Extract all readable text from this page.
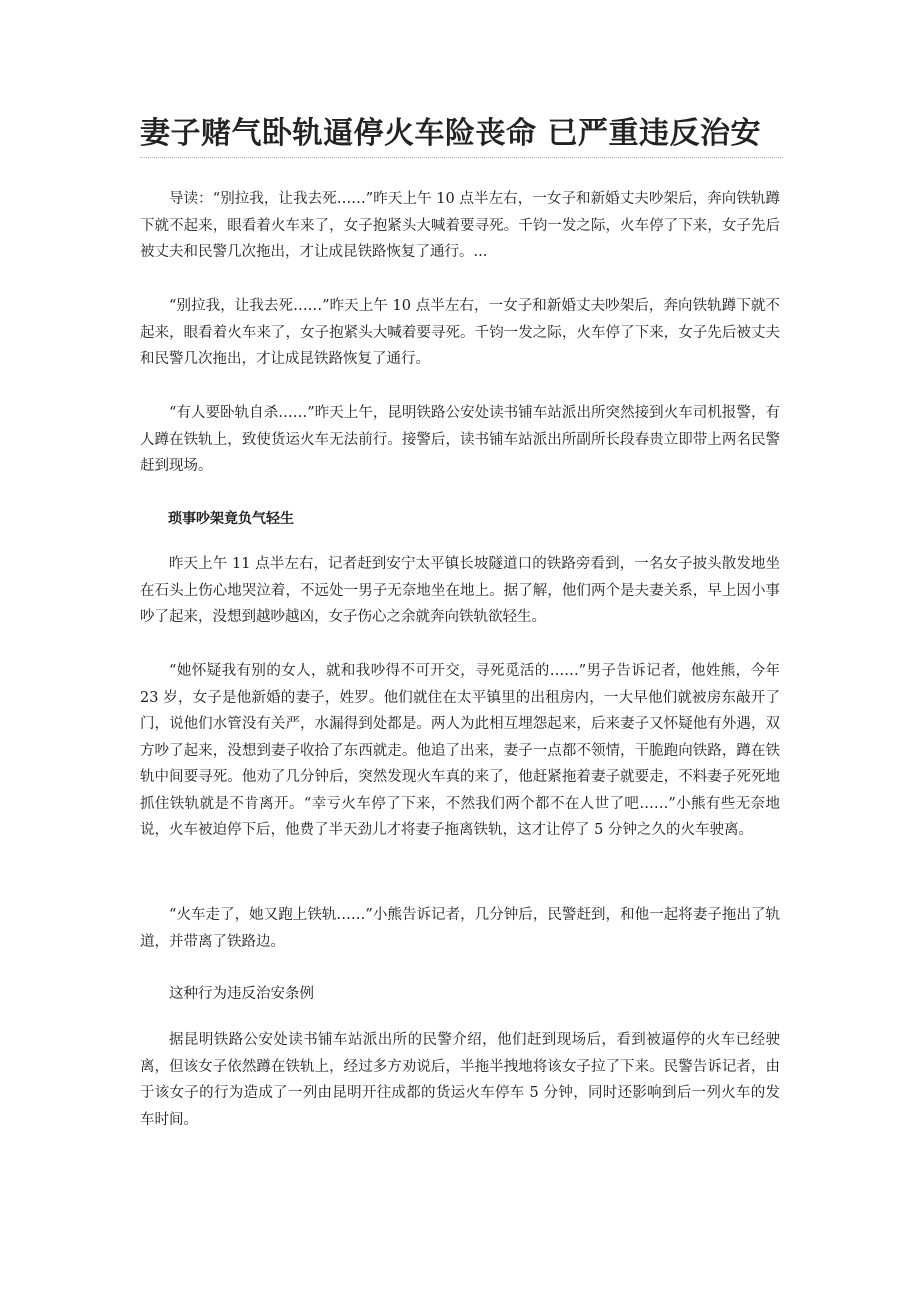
妻子赌气卧轨逼停火车险丧命 已严重违反治安

导读：“别拉我，让我去死……”昨天上午 10 点半左右，一女子和新婚丈夫吵架后，奔向铁轨蹲下就不起来，眼看着火车来了，女子抱紧头大喊着要寻死。千钧一发之际，火车停了下来，女子先后被丈夫和民警几次拖出，才让成昆铁路恢复了通行。...

“别拉我，让我去死……”昨天上午 10 点半左右，一女子和新婚丈夫吵架后，奔向铁轨蹲下就不起来，眼看着火车来了，女子抱紧头大喊着要寻死。千钧一发之际，火车停了下来，女子先后被丈夫和民警几次拖出，才让成昆铁路恢复了通行。

“有人要卧轨自杀……”昨天上午，昆明铁路公安处读书铺车站派出所突然接到火车司机报警，有人蹲在铁轨上，致使货运火车无法前行。接警后，读书铺车站派出所副所长段春贵立即带上两名民警赶到现场。

琐事吵架竟负气轻生

昨天上午 11 点半左右，记者赶到安宁太平镇长坡隧道口的铁路旁看到，一名女子披头散发地坐在石头上伤心地哭泣着，不远处一男子无奈地坐在地上。据了解，他们两个是夫妻关系，早上因小事吵了起来，没想到越吵越凶，女子伤心之余就奔向铁轨欲轻生。

“她怀疑我有别的女人，就和我吵得不可开交，寻死觅活的……”男子告诉记者，他姓熊，今年 23 岁，女子是他新婚的妻子，姓罗。他们就住在太平镇里的出租房内，一大早他们就被房东敲开了门，说他们水管没有关严，水漏得到处都是。两人为此相互埋怨起来，后来妻子又怀疑他有外遇，双方吵了起来，没想到妻子收拾了东西就走。他追了出来，妻子一点都不领情，干脆跑向铁路，蹲在铁轨中间要寻死。他劝了几分钟后，突然发现火车真的来了，他赶紧拖着妻子就要走，不料妻子死死地抓住铁轨就是不肯离开。“幸亏火车停了下来，不然我们两个都不在人世了吧……”小熊有些无奈地说，火车被迫停下后，他费了半天劲儿才将妻子拖离铁轨，这才让停了 5 分钟之久的火车驶离。

“火车走了，她又跑上铁轨……”小熊告诉记者，几分钟后，民警赶到，和他一起将妻子拖出了轨道，并带离了铁路边。

这种行为违反治安条例

据昆明铁路公安处读书铺车站派出所的民警介绍，他们赶到现场后，看到被逼停的火车已经驶离，但该女子依然蹲在铁轨上，经过多方劝说后，半拖半拽地将该女子拉了下来。民警告诉记者，由于该女子的行为造成了一列由昆明开往成都的货运火车停车 5 分钟，同时还影响到后一列火车的发车时间。
